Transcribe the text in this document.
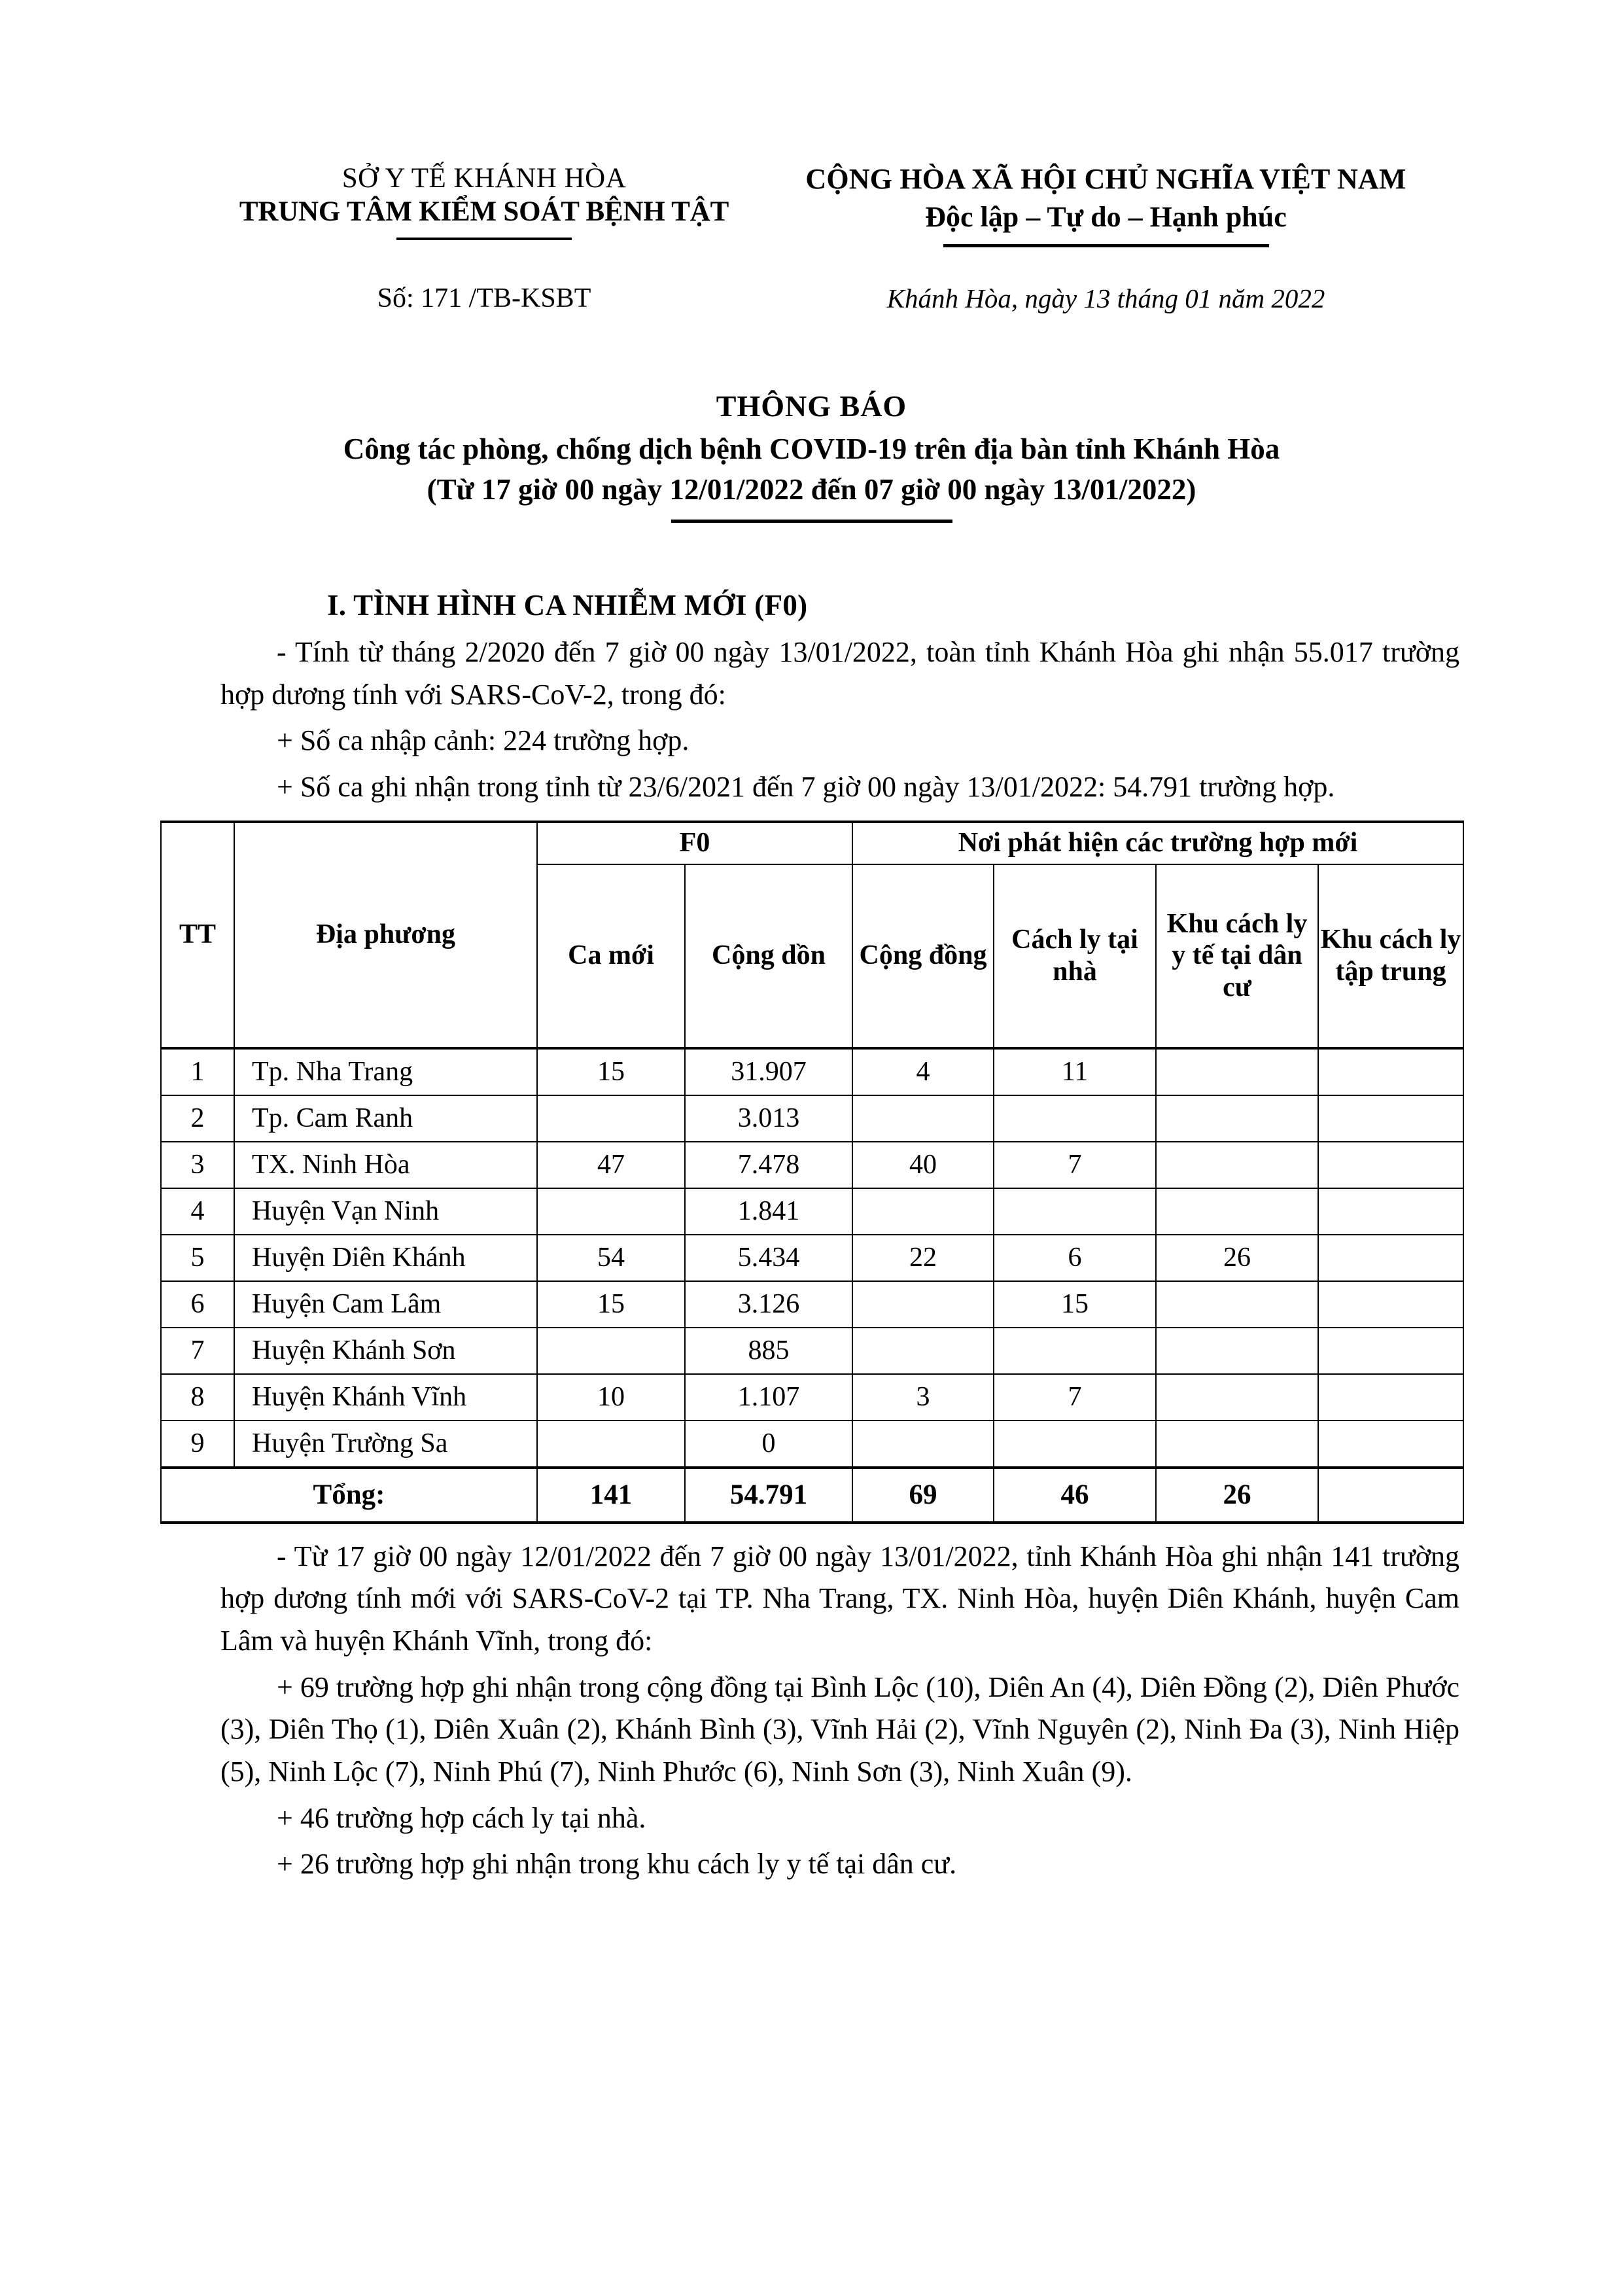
SỞ Y TẾ KHÁNH HÒA
TRUNG TÂM KIỂM SOÁT BỆNH TẬT
CỘNG HÒA XÃ HỘI CHỦ NGHĨA VIỆT NAM
Độc lập – Tự do – Hạnh phúc
Số: 171 /TB-KSBT	Khánh Hòa, ngày 13 tháng 01 năm 2022
THÔNG BÁO
Công tác phòng, chống dịch bệnh COVID-19 trên địa bàn tỉnh Khánh Hòa
(Từ 17 giờ 00 ngày 12/01/2022 đến 07 giờ 00 ngày 13/01/2022)
I. TÌNH HÌNH CA NHIỄM MỚI (F0)
- Tính từ tháng 2/2020 đến 7 giờ 00 ngày 13/01/2022, toàn tỉnh Khánh Hòa ghi nhận 55.017 trường hợp dương tính với SARS-CoV-2, trong đó:
+ Số ca nhập cảnh: 224 trường hợp.
+ Số ca ghi nhận trong tỉnh từ 23/6/2021 đến 7 giờ 00 ngày 13/01/2022: 54.791 trường hợp.
TT	Địa phương	F0		Nơi phát hiện các trường hợp mới			
		Ca mới	Cộng dồn	Cộng đồng	Cách ly tại nhà	Khu cách ly y tế tại dân cư	Khu cách ly tập trung
1	Tp. Nha Trang	15	31.907	4	11		
2	Tp. Cam Ranh		3.013				
3	TX. Ninh Hòa	47	7.478	40	7		
4	Huyện Vạn Ninh		1.841				
5	Huyện Diên Khánh	54	5.434	22	6	26	
6	Huyện Cam Lâm	15	3.126		15		
7	Huyện Khánh Sơn		885				
8	Huyện Khánh Vĩnh	10	1.107	3	7		
9	Huyện Trường Sa		0				
Tổng:		141	54.791	69	46	26	
- Từ 17 giờ 00 ngày 12/01/2022 đến 7 giờ 00 ngày 13/01/2022, tỉnh Khánh Hòa ghi nhận 141 trường hợp dương tính mới với SARS-CoV-2 tại TP. Nha Trang, TX. Ninh Hòa, huyện Diên Khánh, huyện Cam Lâm và huyện Khánh Vĩnh, trong đó:
+ 69 trường hợp ghi nhận trong cộng đồng tại Bình Lộc (10), Diên An (4), Diên Đồng (2), Diên Phước (3), Diên Thọ (1), Diên Xuân (2), Khánh Bình (3), Vĩnh Hải (2), Vĩnh Nguyên (2), Ninh Đa (3), Ninh Hiệp (5), Ninh Lộc (7), Ninh Phú (7), Ninh Phước (6), Ninh Sơn (3), Ninh Xuân (9).
+ 46 trường hợp cách ly tại nhà.
+ 26 trường hợp ghi nhận trong khu cách ly y tế tại dân cư.
